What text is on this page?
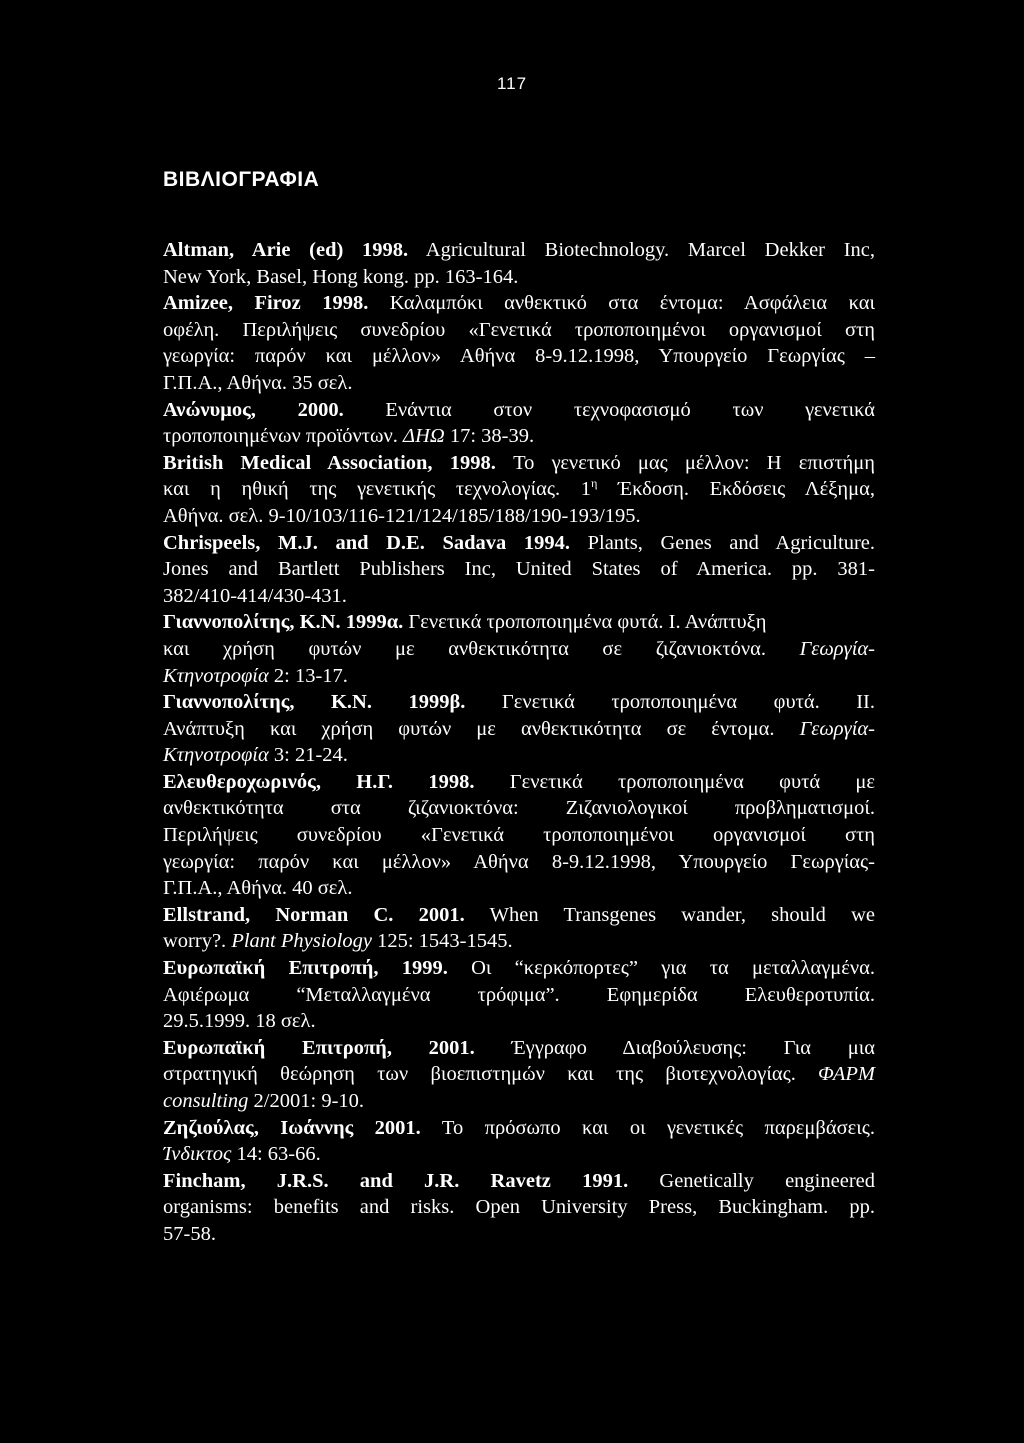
117
ΒΙΒΛΙΟΓΡΑΦΙΑ
Altman, Arie (ed) 1998. Agricultural Biotechnology. Marcel Dekker Inc,
New York, Basel, Hong kong. pp. 163-164.
Amizee, Firoz 1998. Καλαμπόκι ανθεκτικό στα έντομα: Ασφάλεια και
οφέλη. Περιλήψεις συνεδρίου «Γενετικά τροποποιημένοι οργανισμοί στη
γεωργία: παρόν και μέλλον» Αθήνα 8-9.12.1998, Υπουργείο Γεωργίας –
Γ.Π.Α., Αθήνα. 35 σελ.
Ανώνυμος, 2000. Ενάντια στον τεχνοφασισμό των γενετικά
τροποποιημένων προϊόντων. ΔΗΩ 17: 38-39.
British Medical Association, 1998. Το γενετικό μας μέλλον: Η επιστήμη
και η ηθική της γενετικής τεχνολογίας. $1^\eta$ Έκδοση. Εκδόσεις Λέξημα,
Αθήνα. σελ. 9-10/103/116-121/124/185/188/190-193/195.
Chrispeels, M.J. and D.E. Sadava 1994. Plants, Genes and Agriculture.
Jones and Bartlett Publishers Inc, United States of America. pp. 381-
382/410-414/430-431.
Γιαννοπολίτης, Κ.Ν. 1999α. Γενετικά τροποποιημένα φυτά. Ι. Ανάπτυξη
και χρήση φυτών με ανθεκτικότητα σε ζιζανιοκτόνα. Γεωργία-
Κτηνοτροφία 2: 13-17.
Γιαννοπολίτης, Κ.Ν. 1999β. Γενετικά τροποποιημένα φυτά. ΙΙ.
Ανάπτυξη και χρήση φυτών με ανθεκτικότητα σε έντομα. Γεωργία-
Κτηνοτροφία 3: 21-24.
Ελευθεροχωρινός, Η.Γ. 1998. Γενετικά τροποποιημένα φυτά με
ανθεκτικότητα στα ζιζανιοκτόνα: Ζιζανιολογικοί προβληματισμοί.
Περιλήψεις συνεδρίου «Γενετικά τροποποιημένοι οργανισμοί στη
γεωργία: παρόν και μέλλον» Αθήνα 8-9.12.1998, Υπουργείο Γεωργίας-
Γ.Π.Α., Αθήνα. 40 σελ.
Ellstrand, Norman C. 2001. When Transgenes wander, should we
worry?. Plant Physiology 125: 1543-1545.
Ευρωπαϊκή Επιτροπή, 1999. Οι “κερκόπορτες” για τα μεταλλαγμένα.
Αφιέρωμα “Μεταλλαγμένα τρόφιμα”. Εφημερίδα Ελευθεροτυπία.
29.5.1999. 18 σελ.
Ευρωπαϊκή Επιτροπή, 2001. Έγγραφο Διαβούλευσης: Για μια
στρατηγική θεώρηση των βιοεπιστημών και της βιοτεχνολογίας. ΦΑΡΜ
consulting 2/2001: 9-10.
Ζηζιούλας, Ιωάννης 2001. Το πρόσωπο και οι γενετικές παρεμβάσεις.
Ίνδικτος 14: 63-66.
Fincham, J.R.S. and J.R. Ravetz 1991. Genetically engineered
organisms: benefits and risks. Open University Press, Buckingham. pp.
57-58.
